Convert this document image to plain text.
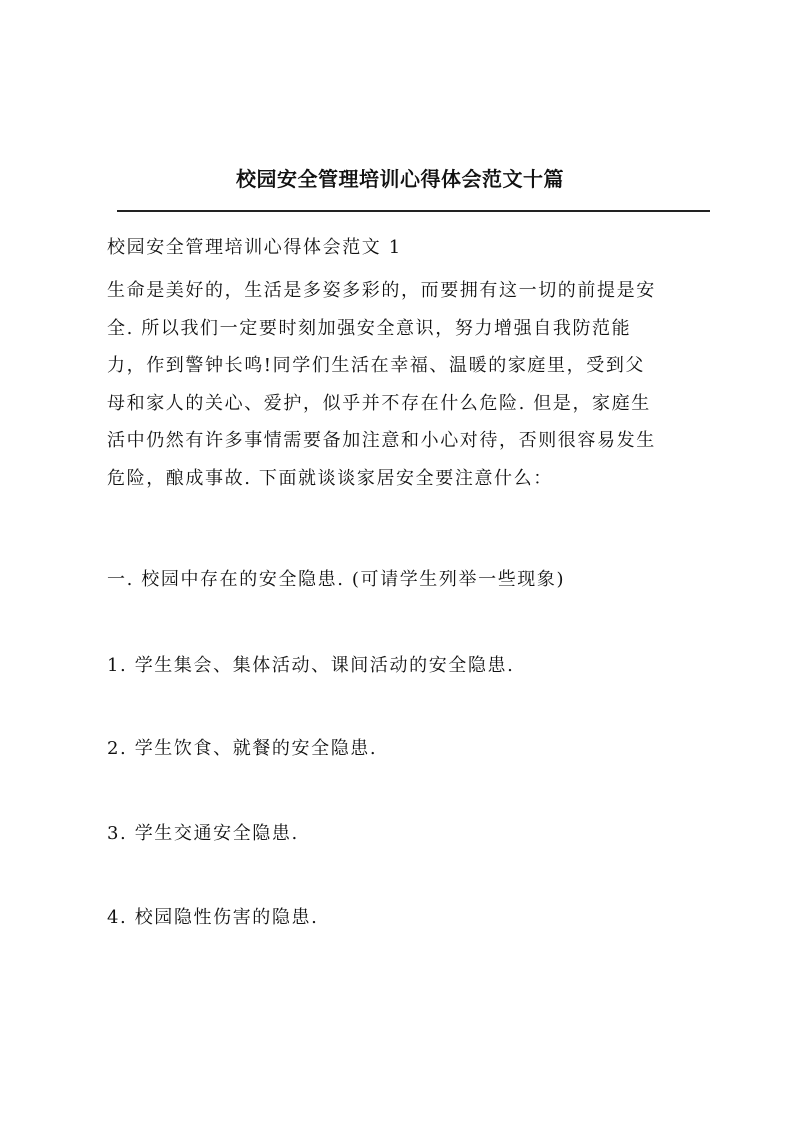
校园安全管理培训心得体会范文十篇
校园安全管理培训心得体会范文 1
生命是美好的，生活是多姿多彩的，而要拥有这一切的前提是安
全. 所以我们一定要时刻加强安全意识，努力增强自我防范能
力，作到警钟长鸣!同学们生活在幸福、温暖的家庭里，受到父
母和家人的关心、爱护，似乎并不存在什么危险. 但是，家庭生
活中仍然有许多事情需要备加注意和小心对待，否则很容易发生
危险，酿成事故. 下面就谈谈家居安全要注意什么：
一. 校园中存在的安全隐患. (可请学生列举一些现象)
1. 学生集会、集体活动、课间活动的安全隐患.
2. 学生饮食、就餐的安全隐患.
3. 学生交通安全隐患.
4. 校园隐性伤害的隐患.
